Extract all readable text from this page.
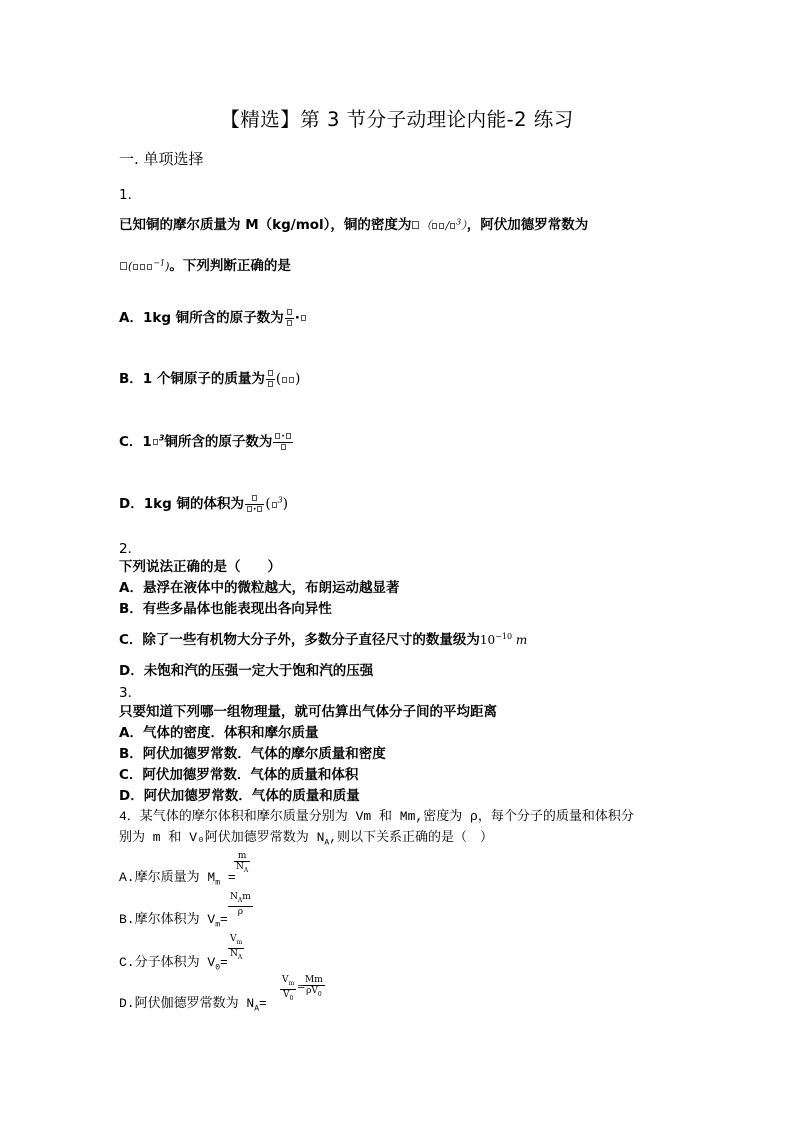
【精选】第 3 节分子动理论内能-2 练习
一. 单项选择
1．
已知铜的摩尔质量为 M（kg/mol），铜的密度为 （ / $^3$），阿伏加德罗常数为
(	$^{-1}$)。下列判断正确的是
A．1kg 铜所含的原子数为 ·
B．1 个铜原子的质量为 ( )
C．1 $^3$铜所含的原子数为	·
D．1kg 铜的体积为	· ( $^3$)
2．
下列说法正确的是（　　）
A．悬浮在液体中的微粒越大，布朗运动越显著
B．有些多晶体也能表现出各向异性
C．除了一些有机物大分子外，多数分子直径尺寸的数量级为$10^{-10}$ m
D．未饱和汽的压强一定大于饱和汽的压强
3．
只要知道下列哪一组物理量，就可估算出气体分子间的平均距离
A．气体的密度．体积和摩尔质量
B．阿伏加德罗常数．气体的摩尔质量和密度
C．阿伏加德罗常数．气体的质量和体积
D．阿伏加德罗常数．气体的质量和质量
4．某气体的摩尔体积和摩尔质量分别为 Vm 和 Mm,密度为 ρ，每个分子的质量和体积分
别为 m 和 V₀阿伏加德罗常数为 $N_A$,则以下关系正确的是（　）
A.摩尔质量为 $M_m$ =
$\frac{m}{N_A}$
B.摩尔体积为 $V_m=$
$N_Am$
ρ
C.分子体积为 $V_0= \frac{V_m}{N_A}$
D.阿伏伽德罗常数为 $N_A= \frac{V_m}{V_0}$ =
$\frac{Mm}{\rho V_0}$
